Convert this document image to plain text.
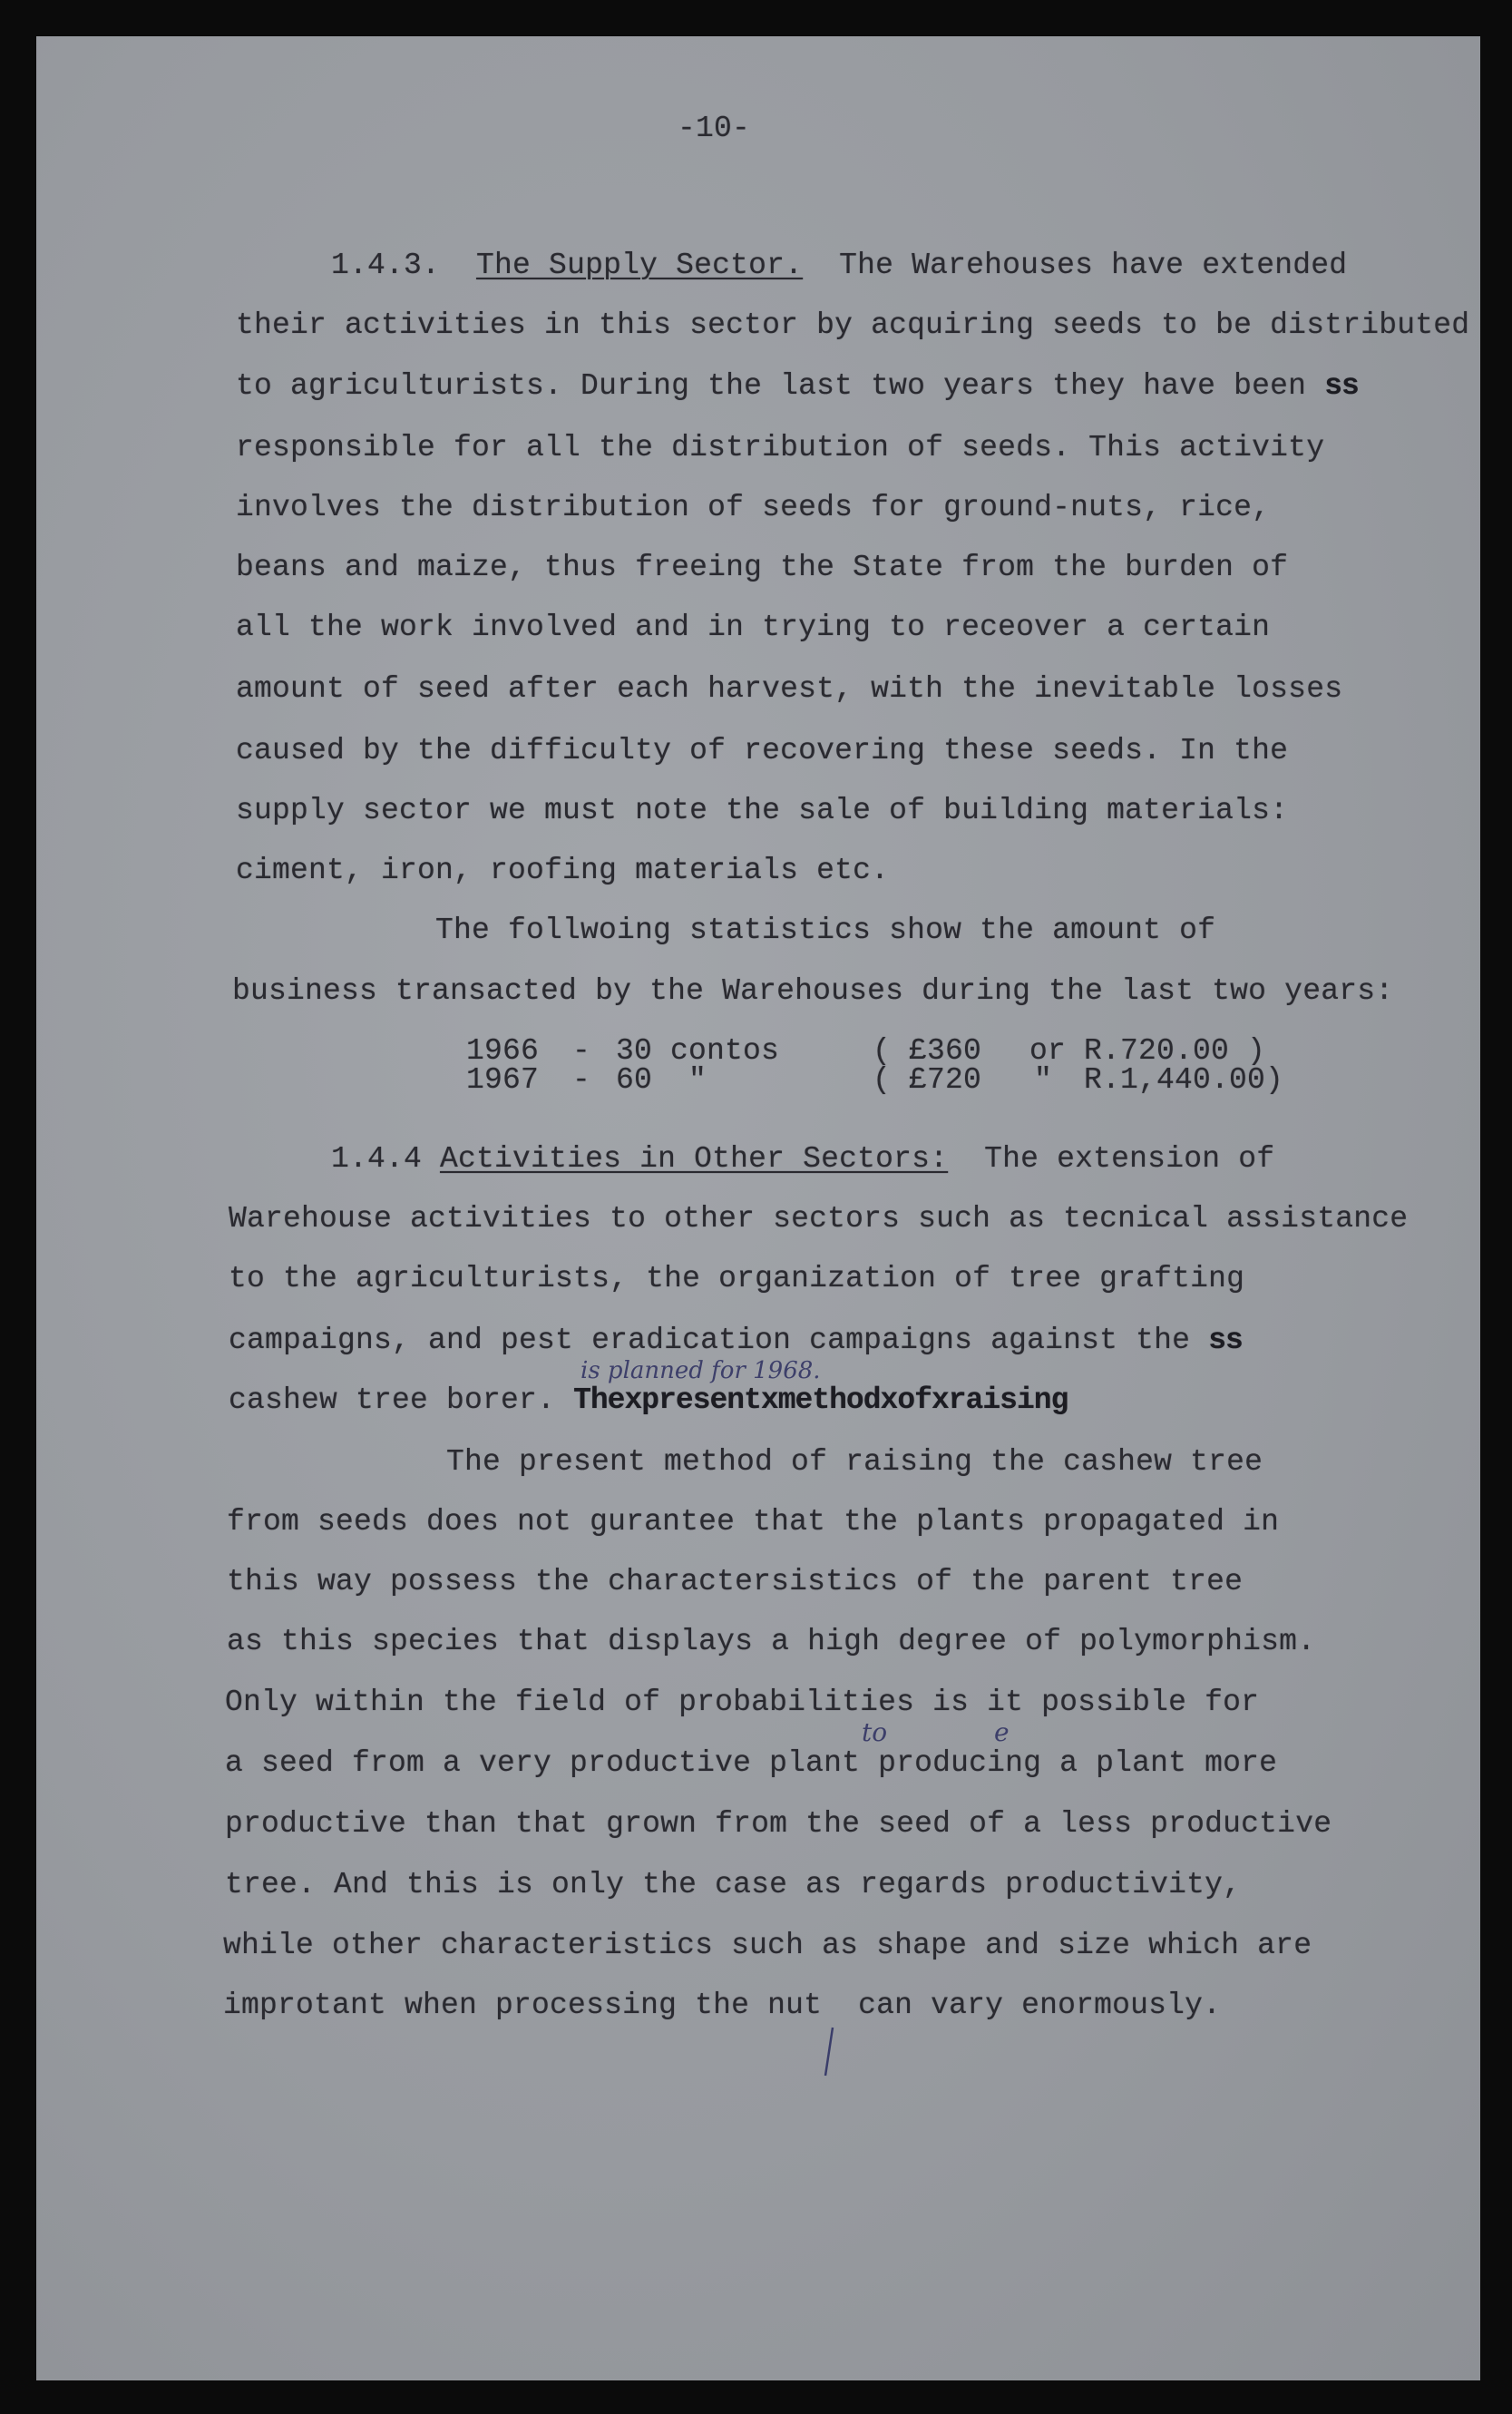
-10-
1.4.3. The Supply Sector. The Warehouses have extended
their activities in this sector by acquiring seeds to be distributed
to agriculturists. During the last two years they have been ss
responsible for all the distribution of seeds. This activity
involves the distribution of seeds for ground-nuts, rice,
beans and maize, thus freeing the State from the burden of
all the work involved and in trying to receover a certain
amount of seed after each harvest, with the inevitable losses
caused by the difficulty of recovering these seeds. In the
supply sector we must note the sale of building materials:
ciment, iron, roofing materials etc.
The follwoing statistics show the amount of
business transacted by the Warehouses during the last two years:
1966 - 30 contos	( £360 or R.720.00 )
1967 - 60  "	( £720 " R.1,440.00)
1.4.4 Activities in Other Sectors: The extension of
Warehouse activities to other sectors such as tecnical assistance
to the agriculturists, the organization of tree grafting
campaigns, and pest eradication campaigns against the ss
is planned for 1968.
cashew tree borer. Thexpresentxmethodxofxraising
The present method of raising the cashew tree
from seeds does not gurantee that the plants propagated in
this way possess the charactersistics of the parent tree
as this species that displays a high degree of polymorphism.
Only within the field of probabilities is it possible for
to	e
a seed from a very productive plant producing a plant more
productive than that grown from the seed of a less productive
tree. And this is only the case as regards productivity,
while other characteristics such as shape and size which are
improtant when processing the nut  can vary enormously.
